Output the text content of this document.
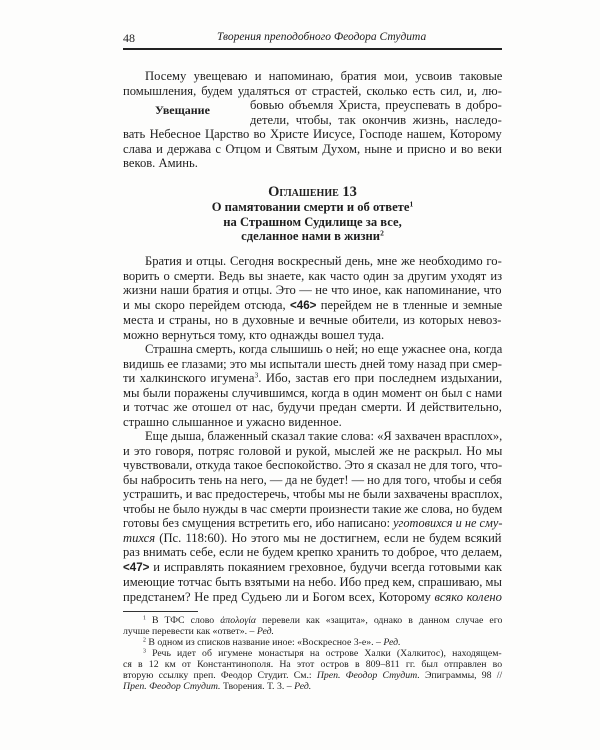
48	Творения преподобного Феодора Студита
Посему увещеваю и напоминаю, братия мои, усвоив таковые
помышления, будем удаляться от страстей, сколько есть сил, и, лю-
бовью объемля Христа, преуспевать в добро-
детели, чтобы, так окончив жизнь, наследо-
вать Небесное Царство во Христе Иисусе, Господе нашем, Которому
слава и держава с Отцом и Святым Духом, ныне и присно и во веки
веков. Аминь.
Увещание
Оглашение 13
О памятовании смерти и об ответе$^1$
на Страшном Судилище за все,
сделанное нами в жизни$^2$
Братия и отцы. Сегодня воскресный день, мне же необходимо го-
ворить о смерти. Ведь вы знаете, как часто один за другим уходят из
жизни наши братия и отцы. Это — не что иное, как напоминание, что
и мы скоро перейдем отсюда, <46> перейдем не в тленные и земные
места и страны, но в духовные и вечные обители, из которых невоз-
можно вернуться тому, кто однажды вошел туда.
Страшна смерть, когда слышишь о ней; но еще ужаснее она, когда
видишь ее глазами; это мы испытали шесть дней тому назад при смер-
ти халкинского игумена$^3$. Ибо, застав его при последнем издыхании,
мы были поражены случившимся, когда в один момент он был с нами
и тотчас же отошел от нас, будучи предан смерти. И действительно,
страшно слышанное и ужасно виденное.
Еще дыша, блаженный сказал такие слова: «Я захвачен врасплох»,
и это говоря, потряс головой и рукой, мыслей же не раскрыл. Но мы
чувствовали, откуда такое беспокойство. Это я сказал не для того, что-
бы набросить тень на него, — да не будет! — но для того, чтобы и себя
устрашить, и вас предостеречь, чтобы мы не были захвачены врасплох,
чтобы не было нужды в час смерти произнести такие же слова, но будем
готовы без смущения встретить его, ибо написано: уготовихся и не сму-
тихся (Пс. 118:60). Но этого мы не достигнем, если не будем всякий
раз внимать себе, если не будем крепко хранить то доброе, что делаем,
<47> и исправлять покаянием греховное, будучи всегда готовыми как
имеющие тотчас быть взятыми на небо. Ибо пред кем, спрашиваю, мы
предстанем? Не пред Судьею ли и Богом всех, Которому всяко колено
$^1$ В ТФС слово ἀπολογία перевели как «защита», однако в данном случае его
лучше перевести как «ответ». – Ред.
$^2$ В одном из списков название иное: «Воскресное 3-е». – Ред.
$^3$ Речь идет об игумене монастыря на острове Халки (Халкитос), находящем-
ся в 12 км от Константинополя. На этот остров в 809–811 гг. был отправлен во
вторую ссылку преп. Феодор Студит. См.: Преп. Феодор Студит. Эпиграммы, 98 //
Преп. Феодор Студит. Творения. Т. 3. – Ред.
